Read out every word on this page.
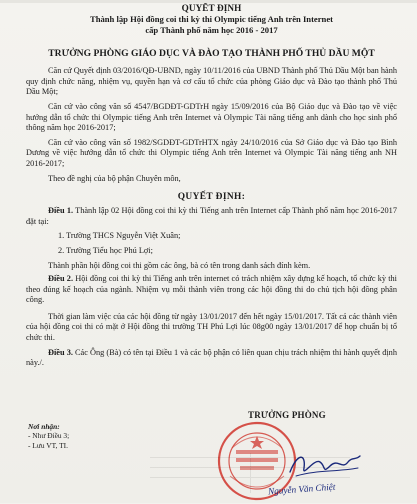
QUYẾT ĐỊNH
Thành lập Hội đồng coi thi kỳ thi Olympic tiếng Anh trên Internet
cấp Thành phố năm học 2016 - 2017
TRƯỞNG PHÒNG GIÁO DỤC VÀ ĐÀO TẠO THÀNH PHỐ THỦ DẦU MỘT

Căn cứ Quyết định 03/2016/QĐ-UBND, ngày 10/11/2016 của UBND Thành phố Thủ Dầu Một ban hành quy định chức năng, nhiệm vụ, quyền hạn và cơ cấu tổ chức của phòng Giáo dục và Đào tạo thành phố Thủ Dầu Một;

Căn cứ vào công văn số 4547/BGDĐT-GDTrH ngày 15/09/2016 của Bộ Giáo dục và Đào tạo về việc hướng dẫn tổ chức thi Olympic tiếng Anh trên Internet và Olympic Tài năng tiếng anh dành cho học sinh phổ thông năm học 2016-2017;

Căn cứ vào công văn số 1982/SGDĐT-GDTrHTX ngày 24/10/2016 của Sở Giáo dục và Đào tạo Bình Dương về việc hướng dẫn tổ chức thi Olympic tiếng Anh trên Internet và Olympic Tài năng tiếng anh NH 2016-2017;

Theo đề nghị của bộ phận Chuyên môn,

QUYẾT ĐỊNH:

Điều 1. Thành lập 02 Hội đồng coi thi kỳ thi Tiếng anh trên Internet cấp Thành phố năm học 2016-2017 đặt tại:

1. Trường THCS Nguyễn Việt Xuân;
2. Trường Tiểu học Phú Lợi;

Thành phần hội đồng coi thi gồm các ông, bà có tên trong danh sách đính kèm.

Điều 2. Hội đồng coi thi kỳ thi Tiếng anh trên internet có trách nhiệm xây dựng kế hoạch, tổ chức kỳ thi theo đúng kế hoạch của ngành. Nhiệm vụ mỗi thành viên trong các hội đồng thi do chủ tịch hội đồng phân công.

Thời gian làm việc của các hội đồng từ ngày 13/01/2017 đến hết ngày 15/01/2017. Tất cả các thành viên của hội đồng coi thi có mặt ở Hội đồng thi trường TH Phú Lợi lúc 08g00 ngày 13/01/2017 để họp chuẩn bị tổ chức thi.

Điều 3. Các Ông (Bà) có tên tại Điều 1 và các bộ phận có liên quan chịu trách nhiệm thi hành quyết định này./.

Nơi nhận:
- Như Điều 3;
- Lưu VT, TI.
TRƯỞNG PHÒNG
Nguyễn Văn Chiệt
